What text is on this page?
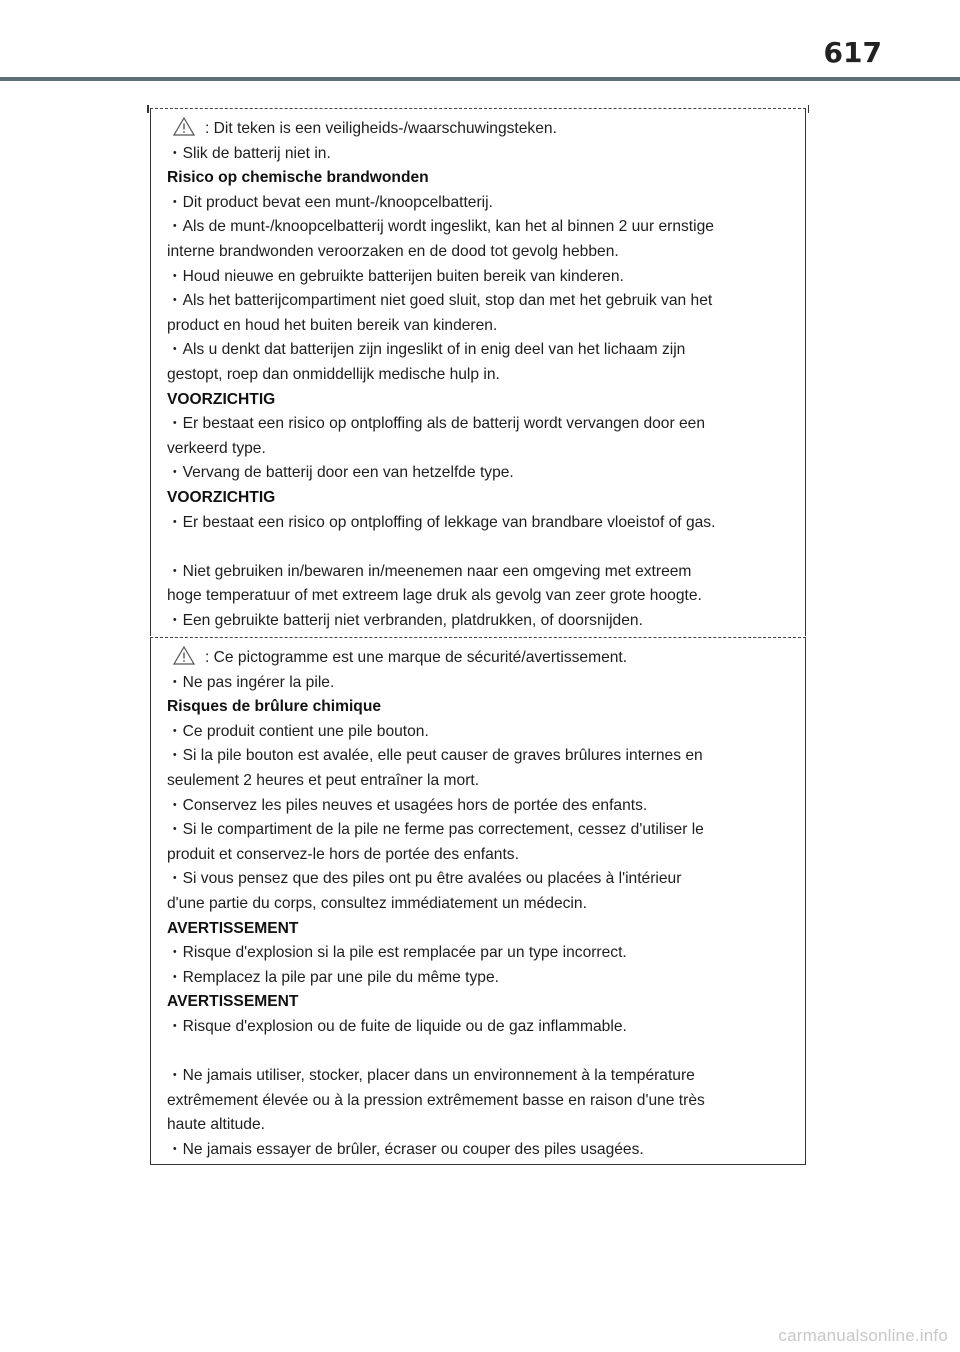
617
: Dit teken is een veiligheids-/waarschuwingsteken.
・Slik de batterij niet in.
Risico op chemische brandwonden
・Dit product bevat een munt-/knoopcelbatterij.
・Als de munt-/knoopcelbatterij wordt ingeslikt, kan het al binnen 2 uur ernstige
interne brandwonden veroorzaken en de dood tot gevolg hebben.
・Houd nieuwe en gebruikte batterijen buiten bereik van kinderen.
・Als het batterijcompartiment niet goed sluit, stop dan met het gebruik van het
product en houd het buiten bereik van kinderen.
・Als u denkt dat batterijen zijn ingeslikt of in enig deel van het lichaam zijn
gestopt, roep dan onmiddellijk medische hulp in.
VOORZICHTIG
・Er bestaat een risico op ontploffing als de batterij wordt vervangen door een
verkeerd type.
・Vervang de batterij door een van hetzelfde type.
VOORZICHTIG
・Er bestaat een risico op ontploffing of lekkage van brandbare vloeistof of gas.
・Niet gebruiken in/bewaren in/meenemen naar een omgeving met extreem
hoge temperatuur of met extreem lage druk als gevolg van zeer grote hoogte.
・Een gebruikte batterij niet verbranden, platdrukken, of doorsnijden.
: Ce pictogramme est une marque de sécurité/avertissement.
・Ne pas ingérer la pile.
Risques de brûlure chimique
・Ce produit contient une pile bouton.
・Si la pile bouton est avalée, elle peut causer de graves brûlures internes en
seulement 2 heures et peut entraîner la mort.
・Conservez les piles neuves et usagées hors de portée des enfants.
・Si le compartiment de la pile ne ferme pas correctement, cessez d'utiliser le
produit et conservez-le hors de portée des enfants.
・Si vous pensez que des piles ont pu être avalées ou placées à l'intérieur
d'une partie du corps, consultez immédiatement un médecin.
AVERTISSEMENT
・Risque d'explosion si la pile est remplacée par un type incorrect.
・Remplacez la pile par une pile du même type.
AVERTISSEMENT
・Risque d'explosion ou de fuite de liquide ou de gaz inflammable.
・Ne jamais utiliser, stocker, placer dans un environnement à la température
extrêmement élevée ou à la pression extrêmement basse en raison d'une très
haute altitude.
・Ne jamais essayer de brûler, écraser ou couper des piles usagées.
carmanualsonline.info
